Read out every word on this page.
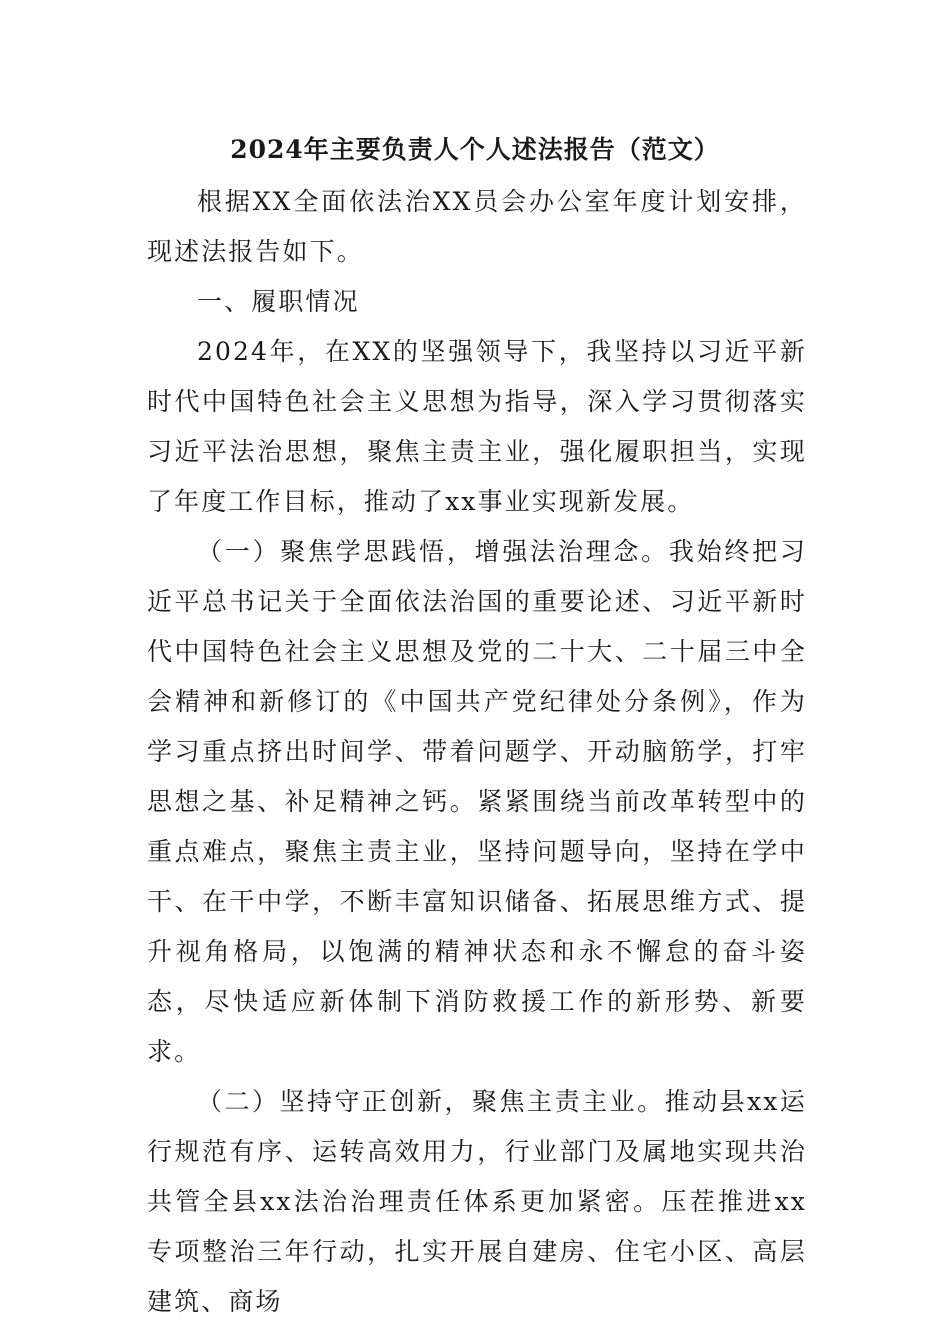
2024年主要负责人个人述法报告（范文）

根据XX全面依法治XX员会办公室年度计划安排，现述法报告如下。

一、履职情况

2024年，在XX的坚强领导下，我坚持以习近平新时代中国特色社会主义思想为指导，深入学习贯彻落实习近平法治思想，聚焦主责主业，强化履职担当，实现了年度工作目标，推动了xx事业实现新发展。

（一）聚焦学思践悟，增强法治理念。我始终把习近平总书记关于全面依法治国的重要论述、习近平新时代中国特色社会主义思想及党的二十大、二十届三中全会精神和新修订的《中国共产党纪律处分条例》，作为学习重点挤出时间学、带着问题学、开动脑筋学，打牢思想之基、补足精神之钙。紧紧围绕当前改革转型中的重点难点，聚焦主责主业，坚持问题导向，坚持在学中干、在干中学，不断丰富知识储备、拓展思维方式、提升视角格局，以饱满的精神状态和永不懈怠的奋斗姿态，尽快适应新体制下消防救援工作的新形势、新要求。

（二）坚持守正创新，聚焦主责主业。推动县xx运行规范有序、运转高效用力，行业部门及属地实现共治共管全县xx法治治理责任体系更加紧密。压茬推进xx专项整治三年行动，扎实开展自建房、住宅小区、高层建筑、商场
